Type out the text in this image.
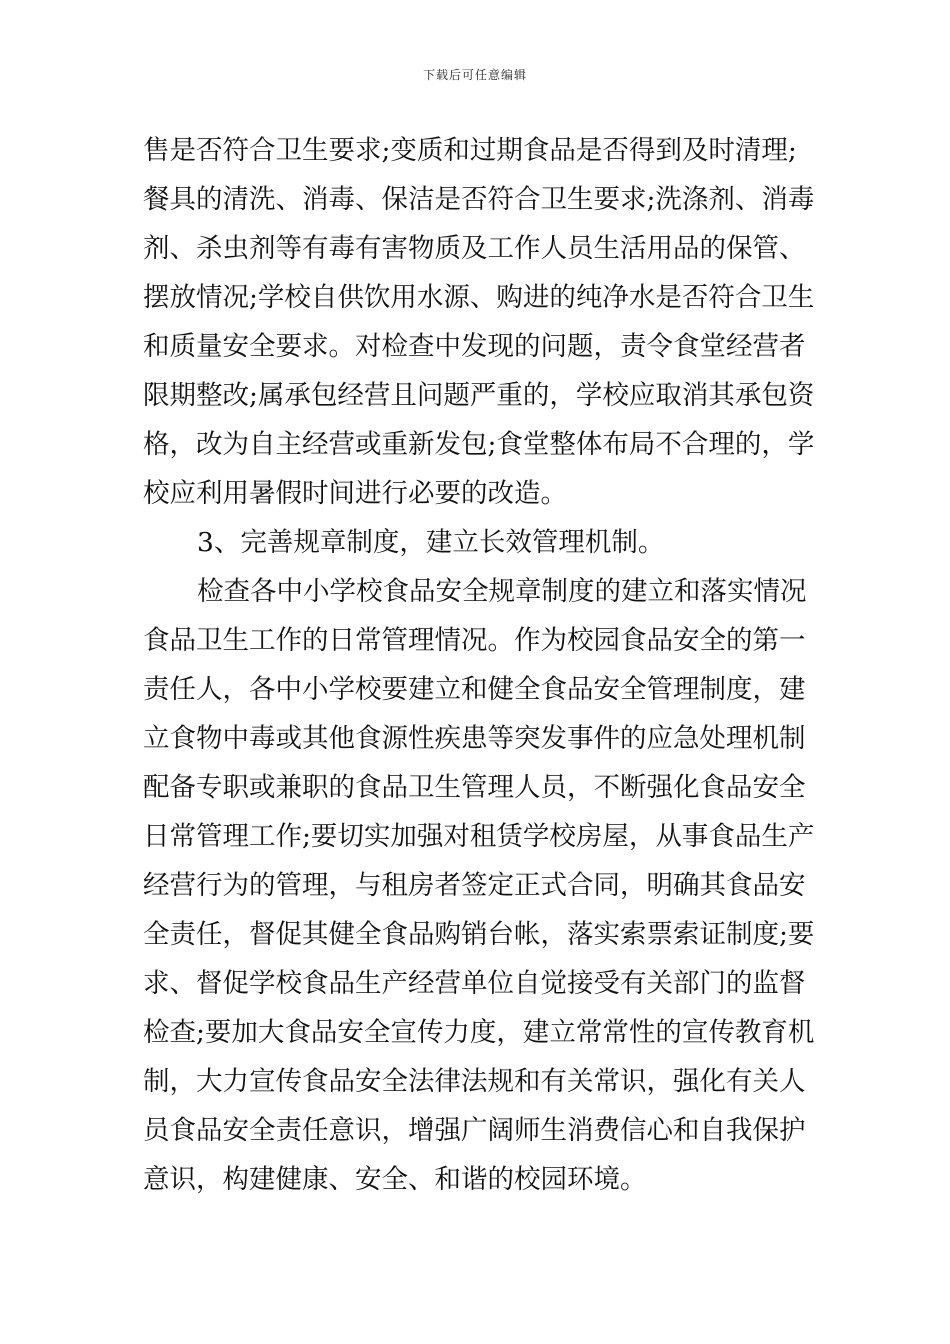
下载后可任意编辑
售是否符合卫生要求;变质和过期食品是否得到及时清理;
餐具的清洗、消毒、保洁是否符合卫生要求;洗涤剂、消毒
剂、杀虫剂等有毒有害物质及工作人员生活用品的保管、
摆放情况;学校自供饮用水源、购进的纯净水是否符合卫生
和质量安全要求。对检查中发现的问题，责令食堂经营者
限期整改;属承包经营且问题严重的，学校应取消其承包资
格，改为自主经营或重新发包;食堂整体布局不合理的，学
校应利用暑假时间进行必要的改造。
3、完善规章制度，建立长效管理机制。
检查各中小学校食品安全规章制度的建立和落实情况
食品卫生工作的日常管理情况。作为校园食品安全的第一
责任人，各中小学校要建立和健全食品安全管理制度，建
立食物中毒或其他食源性疾患等突发事件的应急处理机制
配备专职或兼职的食品卫生管理人员，不断强化食品安全
日常管理工作;要切实加强对租赁学校房屋，从事食品生产
经营行为的管理，与租房者签定正式合同，明确其食品安
全责任，督促其健全食品购销台帐，落实索票索证制度;要
求、督促学校食品生产经营单位自觉接受有关部门的监督
检查;要加大食品安全宣传力度，建立常常性的宣传教育机
制，大力宣传食品安全法律法规和有关常识，强化有关人
员食品安全责任意识，增强广阔师生消费信心和自我保护
意识，构建健康、安全、和谐的校园环境。
